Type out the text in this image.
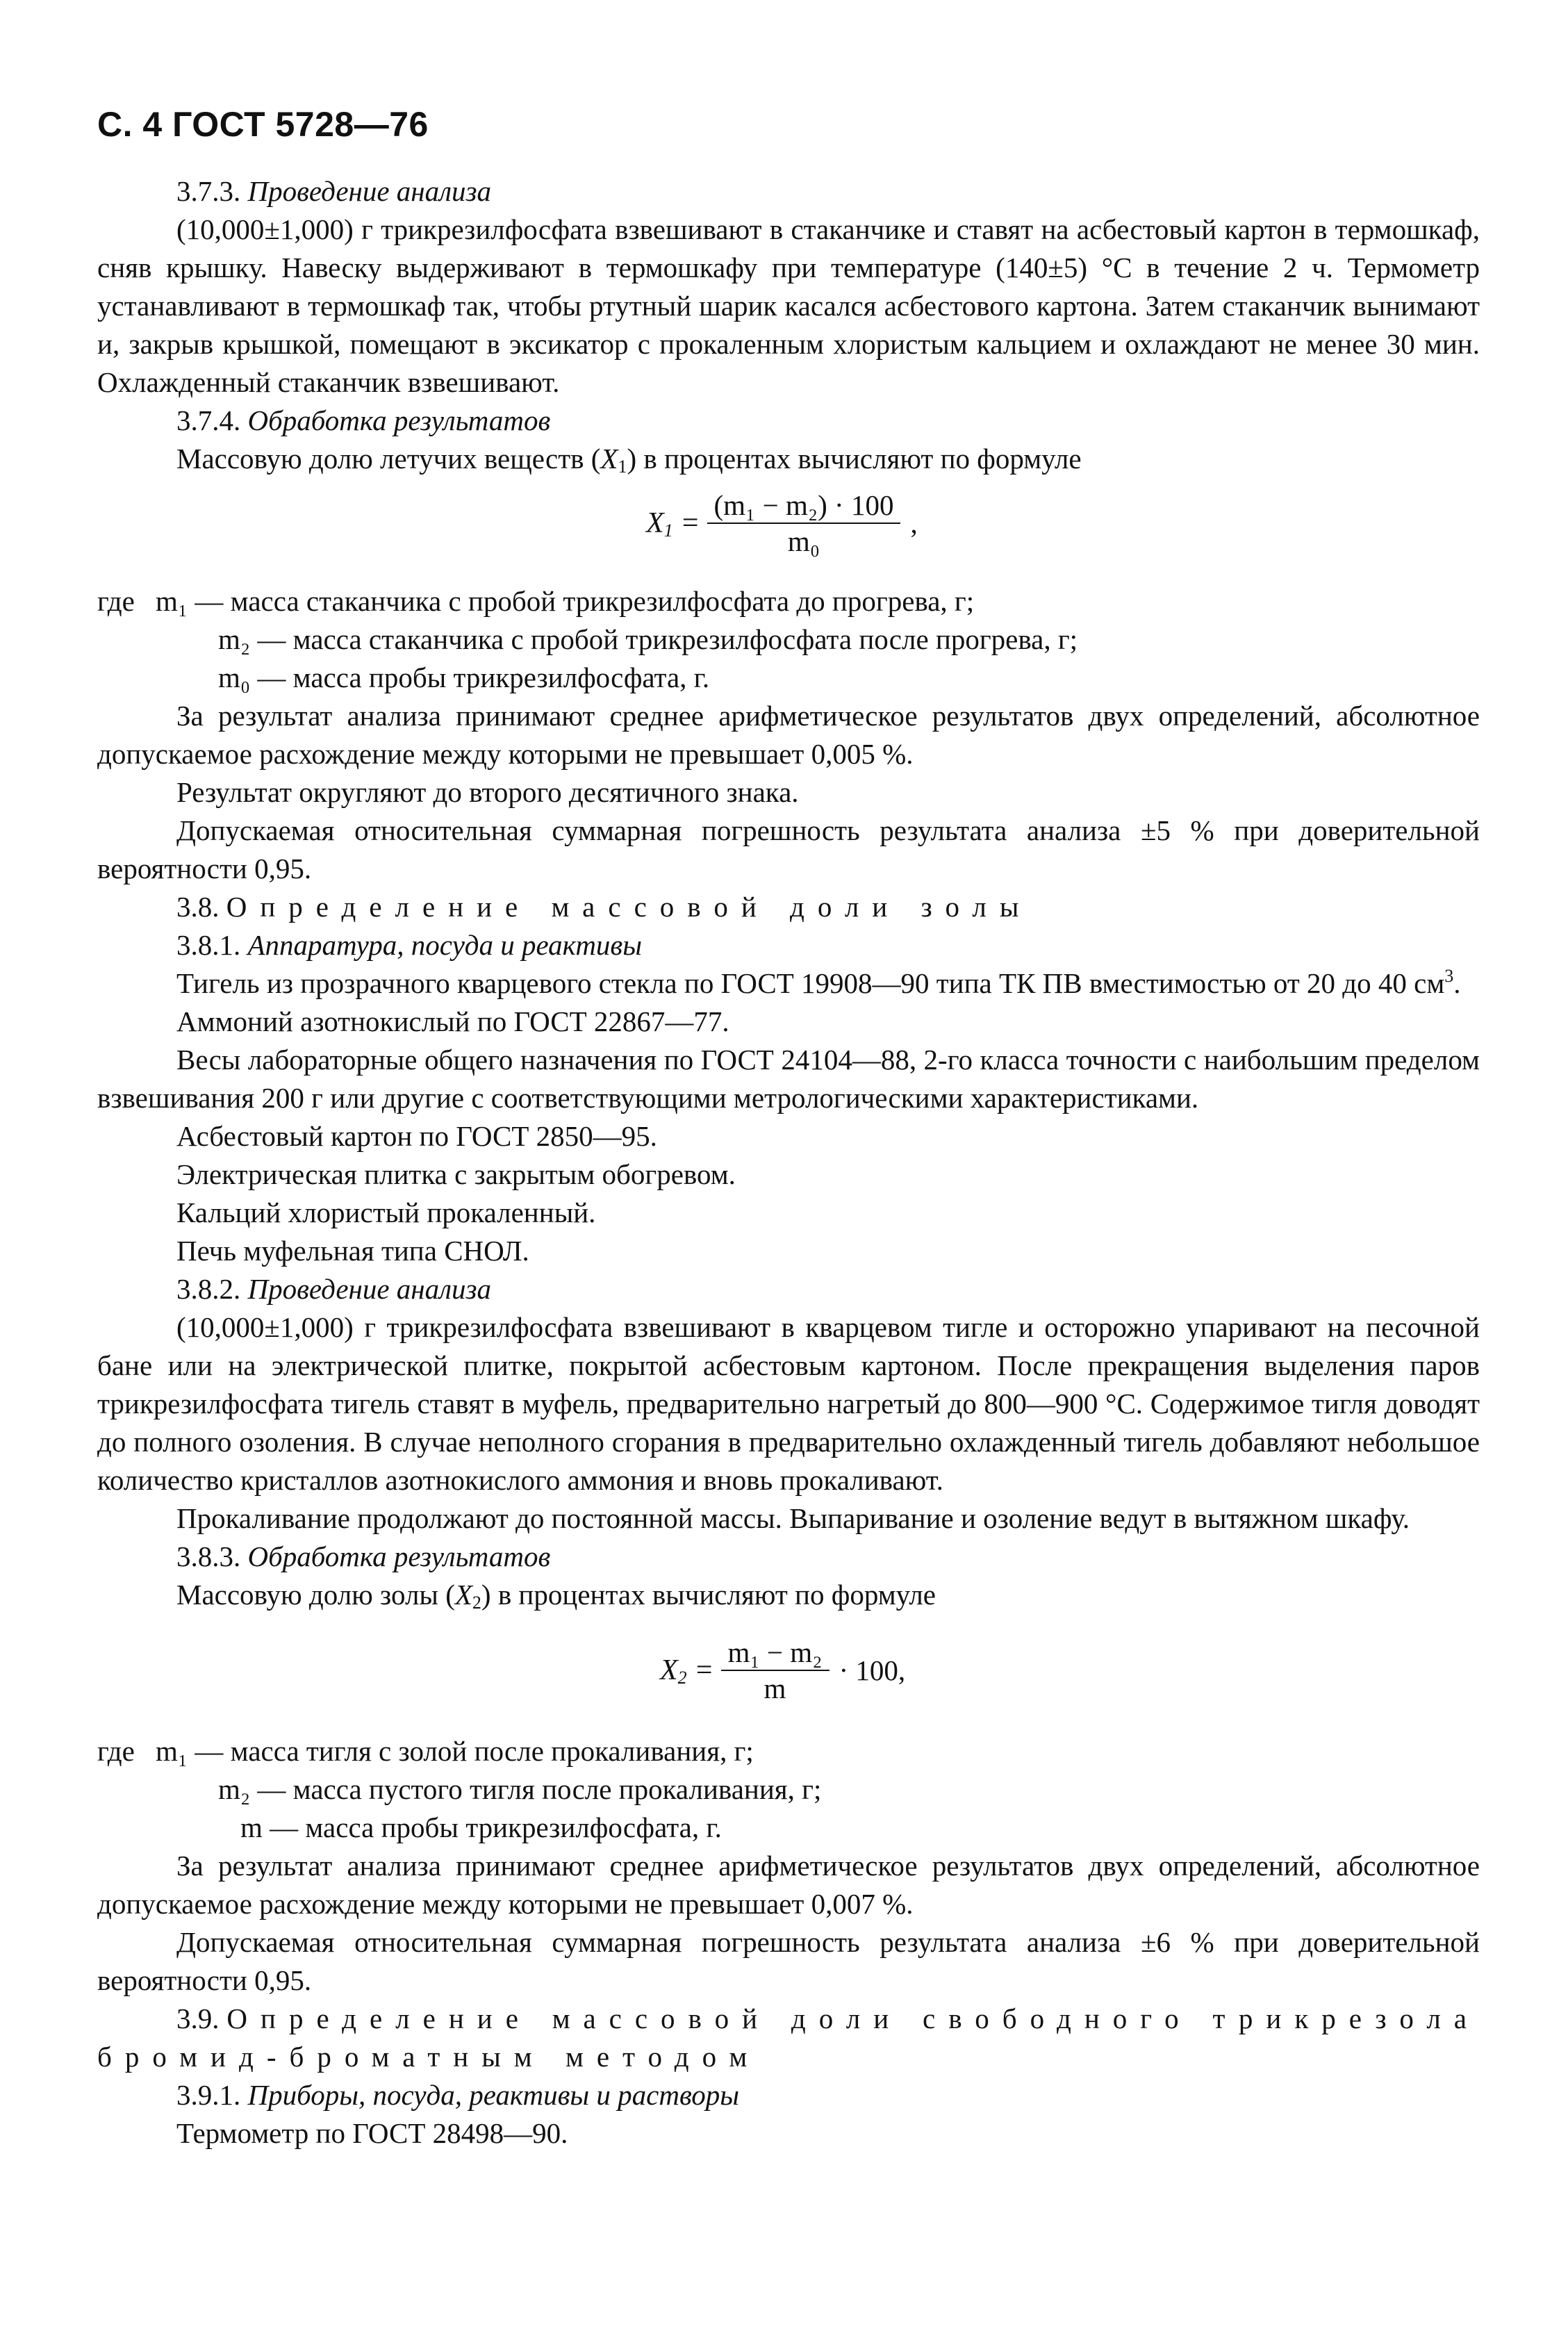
С. 4 ГОСТ 5728—76

3.7.3. Проведение анализа

(10,000±1,000) г трикрезилфосфата взвешивают в стаканчике и ставят на асбестовый картон в термошкаф, сняв крышку. Навеску выдерживают в термошкафу при температуре (140±5) °С в течение 2 ч. Термометр устанавливают в термошкаф так, чтобы ртутный шарик касался асбестового картона. Затем стаканчик вынимают и, закрыв крышкой, помещают в эксикатор с прокаленным хлористым кальцием и охлаждают не менее 30 мин. Охлажденный стаканчик взвешивают.

3.7.4. Обработка результатов

Массовую долю летучих веществ $(X_1)$ в процентах вычисляют по формуле

$X_1 = \frac{\text{(m₁ − m₂) · 100}}{\text{m₀}}$ ,

где m₁ — масса стаканчика с пробой трикрезилфосфата до прогрева, г;

m₂ — масса стаканчика с пробой трикрезилфосфата после прогрева, г;

m₀ — масса пробы трикрезилфосфата, г.

За результат анализа принимают среднее арифметическое результатов двух определений, абсолютное допускаемое расхождение между которыми не превышает 0,005 %.

Результат округляют до второго десятичного знака.

Допускаемая относительная суммарная погрешность результата анализа ±5 % при доверительной вероятности 0,95.

3.8. Определение массовой доли золы

3.8.1. Аппаратура, посуда и реактивы

Тигель из прозрачного кварцевого стекла по ГОСТ 19908—90 типа ТК ПВ вместимостью от 20 до 40 $см^3$.

Аммоний азотнокислый по ГОСТ 22867—77.

Весы лабораторные общего назначения по ГОСТ 24104—88, 2-го класса точности с наибольшим пределом взвешивания 200 г или другие с соответствующими метрологическими характеристиками.

Асбестовый картон по ГОСТ 2850—95.

Электрическая плитка с закрытым обогревом.

Кальций хлористый прокаленный.

Печь муфельная типа СНОЛ.

3.8.2. Проведение анализа

(10,000±1,000) г трикрезилфосфата взвешивают в кварцевом тигле и осторожно упаривают на песочной бане или на электрической плитке, покрытой асбестовым картоном. После прекращения выделения паров трикрезилфосфата тигель ставят в муфель, предварительно нагретый до 800—900 °С. Содержимое тигля доводят до полного озоления. В случае неполного сгорания в предварительно охлажденный тигель добавляют небольшое количество кристаллов азотнокислого аммония и вновь прокаливают.

Прокаливание продолжают до постоянной массы. Выпаривание и озоление ведут в вытяжном шкафу.

3.8.3. Обработка результатов

Массовую долю золы $(X_2)$ в процентах вычисляют по формуле

$X_2 = \frac{\text{m₁ − m₂}}{m} \cdot 100$,

где m₁ — масса тигля с золой после прокаливания, г;

m₂ — масса пустого тигля после прокаливания, г;

m — масса пробы трикрезилфосфата, г.

За результат анализа принимают среднее арифметическое результатов двух определений, абсолютное допускаемое расхождение между которыми не превышает 0,007 %.

Допускаемая относительная суммарная погрешность результата анализа ±6 % при доверительной вероятности 0,95.

3.9. Определение массовой доли свободного трикрезола бромид-броматным методом

3.9.1. Приборы, посуда, реактивы и растворы

Термометр по ГОСТ 28498—90.
